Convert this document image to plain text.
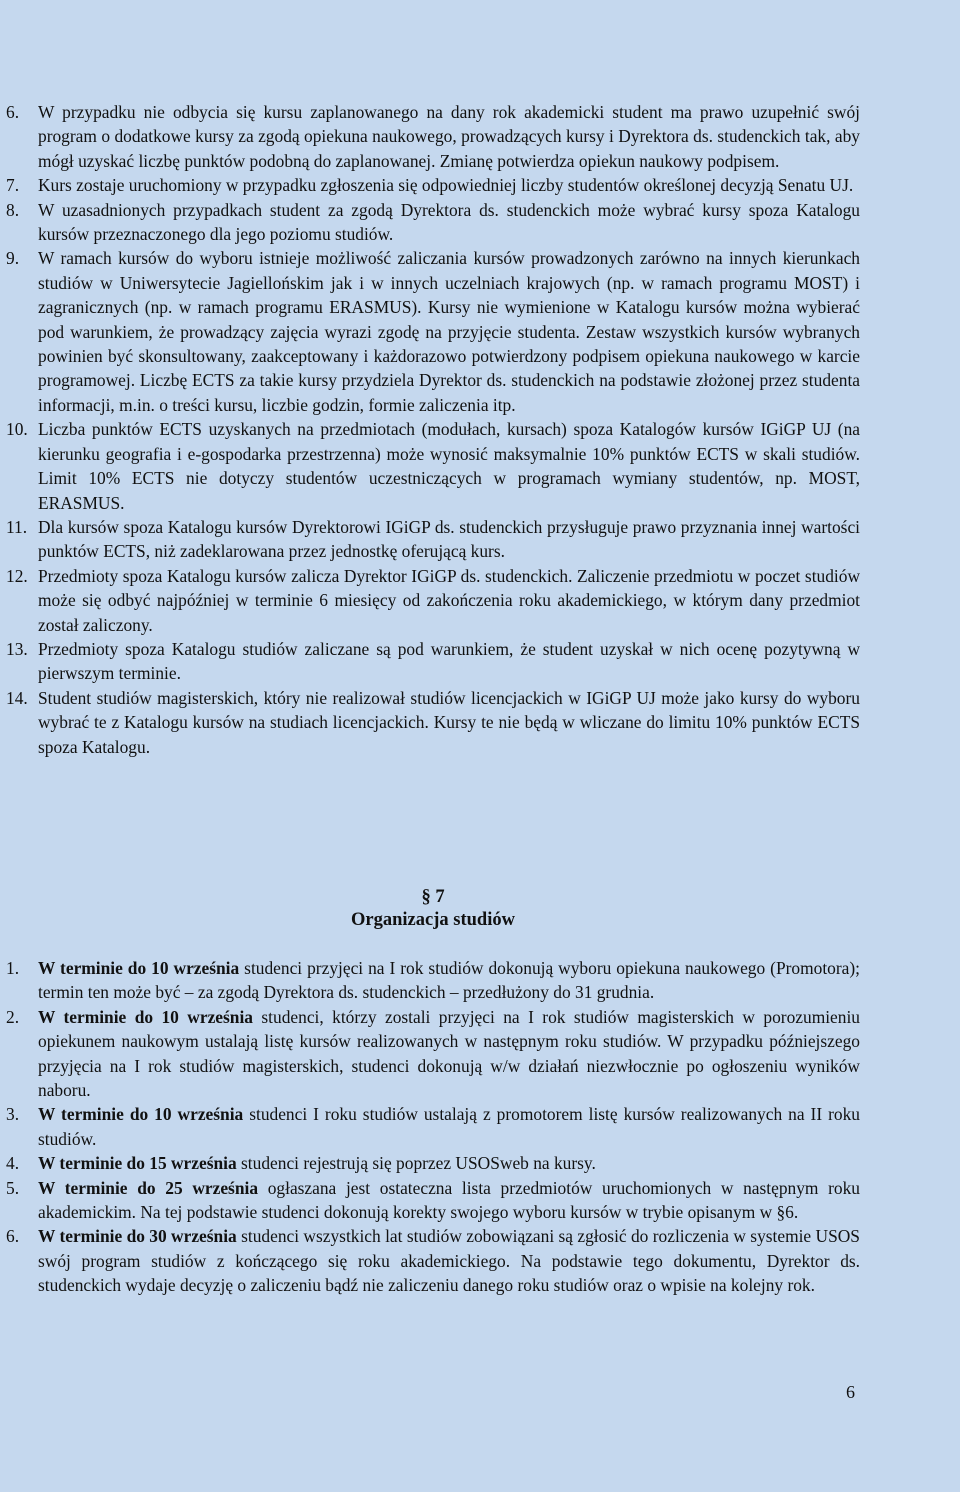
6. W przypadku nie odbycia się kursu zaplanowanego na dany rok akademicki student ma prawo uzupełnić swój program o dodatkowe kursy za zgodą opiekuna naukowego, prowadzących kursy i Dyrektora ds. studenckich tak, aby mógł uzyskać liczbę punktów podobną do zaplanowanej. Zmianę potwierdza opiekun naukowy podpisem.
7. Kurs zostaje uruchomiony w przypadku zgłoszenia się odpowiedniej liczby studentów określonej decyzją Senatu UJ.
8. W uzasadnionych przypadkach student za zgodą Dyrektora ds. studenckich może wybrać kursy spoza Katalogu kursów przeznaczonego dla jego poziomu studiów.
9. W ramach kursów do wyboru istnieje możliwość zaliczania kursów prowadzonych zarówno na innych kierunkach studiów w Uniwersytecie Jagiellońskim jak i w innych uczelniach krajowych (np. w ramach programu MOST) i zagranicznych (np. w ramach programu ERASMUS). Kursy nie wymienione w Katalogu kursów można wybierać pod warunkiem, że prowadzący zajęcia wyrazi zgodę na przyjęcie studenta. Zestaw wszystkich kursów wybranych powinien być skonsultowany, zaakceptowany i każdorazowo potwierdzony podpisem opiekuna naukowego w karcie programowej. Liczbę ECTS za takie kursy przydziela Dyrektor ds. studenckich na podstawie złożonej przez studenta informacji, m.in. o treści kursu, liczbie godzin, formie zaliczenia itp.
10. Liczba punktów ECTS uzyskanych na przedmiotach (modułach, kursach) spoza Katalogów kursów IGiGP UJ (na kierunku geografia i e-gospodarka przestrzenna) może wynosić maksymalnie 10% punktów ECTS w skali studiów. Limit 10% ECTS nie dotyczy studentów uczestniczących w programach wymiany studentów, np. MOST, ERASMUS.
11. Dla kursów spoza Katalogu kursów Dyrektorowi IGiGP ds. studenckich przysługuje prawo przyznania innej wartości punktów ECTS, niż zadeklarowana przez jednostkę oferującą kurs.
12. Przedmioty spoza Katalogu kursów zalicza Dyrektor IGiGP ds. studenckich. Zaliczenie przedmiotu w poczet studiów może się odbyć najpóźniej w terminie 6 miesięcy od zakończenia roku akademickiego, w którym dany przedmiot został zaliczony.
13. Przedmioty spoza Katalogu studiów zaliczane są pod warunkiem, że student uzyskał w nich ocenę pozytywną w pierwszym terminie.
14. Student studiów magisterskich, który nie realizował studiów licencjackich w IGiGP UJ może jako kursy do wyboru wybrać te z Katalogu kursów na studiach licencjackich. Kursy te nie będą w wliczane do limitu 10% punktów ECTS spoza Katalogu.
§ 7
Organizacja studiów
1. W terminie do 10 września studenci przyjęci na I rok studiów dokonują wyboru opiekuna naukowego (Promotora); termin ten może być – za zgodą Dyrektora ds. studenckich – przedłużony do 31 grudnia.
2. W terminie do 10 września studenci, którzy zostali przyjęci na I rok studiów magisterskich w porozumieniu opiekunem naukowym ustalają listę kursów realizowanych w następnym roku studiów. W przypadku późniejszego przyjęcia na I rok studiów magisterskich, studenci dokonują w/w działań niezwłocznie po ogłoszeniu wyników naboru.
3. W terminie do 10 września studenci I roku studiów ustalają z promotorem listę kursów realizowanych na II roku studiów.
4. W terminie do 15 września studenci rejestrują się poprzez USOSweb na kursy.
5. W terminie do 25 września ogłaszana jest ostateczna lista przedmiotów uruchomionych w następnym roku akademickim. Na tej podstawie studenci dokonują korekty swojego wyboru kursów w trybie opisanym w §6.
6. W terminie do 30 września studenci wszystkich lat studiów zobowiązani są zgłosić do rozliczenia w systemie USOS swój program studiów z kończącego się roku akademickiego. Na podstawie tego dokumentu, Dyrektor ds. studenckich wydaje decyzję o zaliczeniu bądź nie zaliczeniu danego roku studiów oraz o wpisie na kolejny rok.
6
